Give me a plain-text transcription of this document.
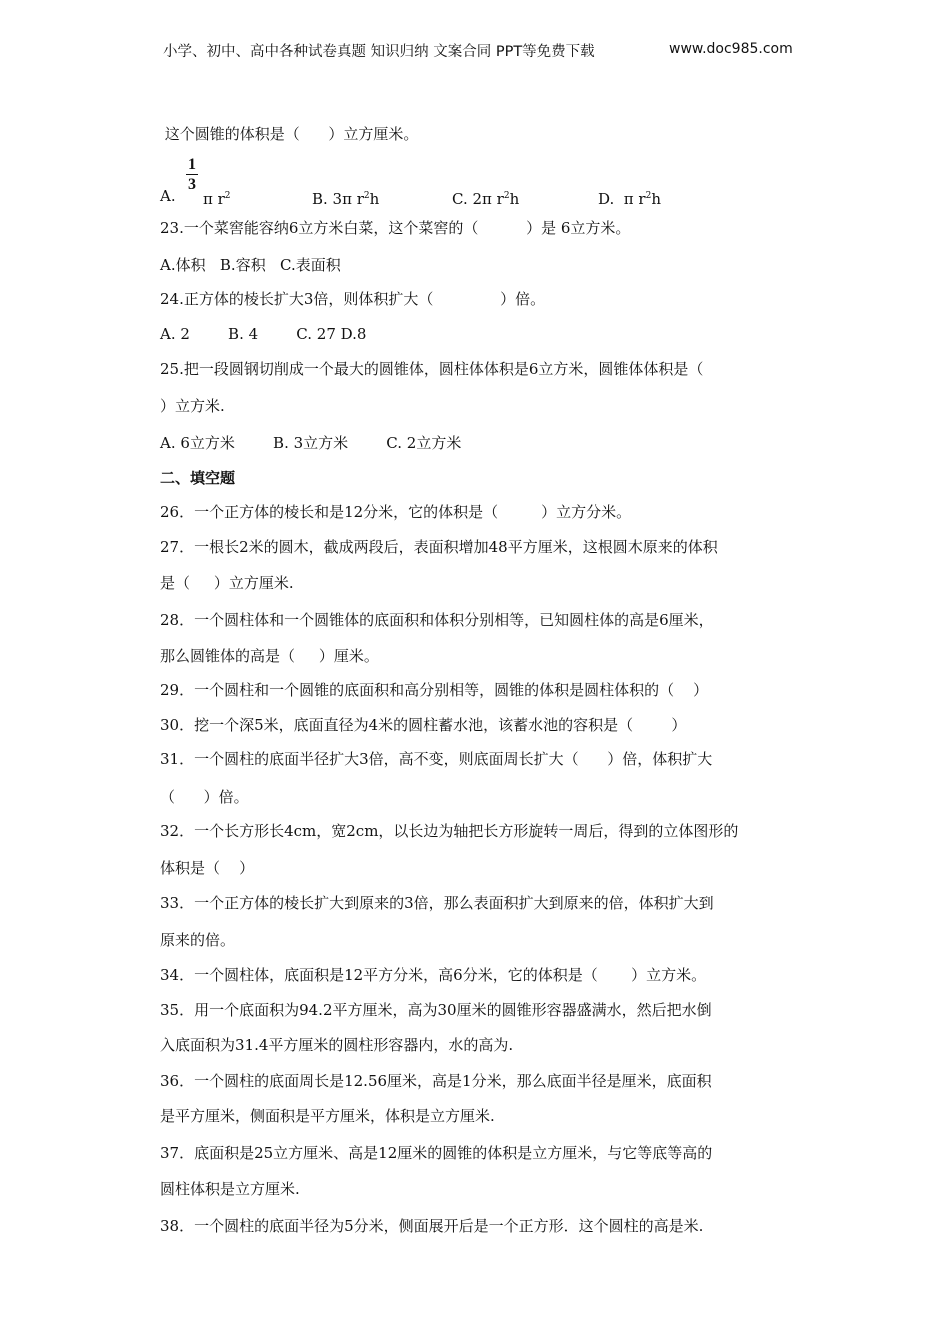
小学、初中、高中各种试卷真题 知识归纳 文案合同 PPT等免费下载	www.doc985.com
这个圆锥的体积是（      ）立方厘米。
1
3
A. π $r^2$	B. 3π $r^2h$	C. 2π $r^2h$	D.  π $r^2h$
23.一个菜窖能容纳6立方米白菜，这个菜窖的（          ）是 6立方米。
A.体积   B.容积   C.表面积
24.正方体的棱长扩大3倍，则体积扩大（              ）倍。
A. 2        B. 4        C. 27 D.8
25.把一段圆钢切削成一个最大的圆锥体，圆柱体体积是6立方米，圆锥体体积是（
）立方米.
A. 6立方米        B. 3立方米        C. 2立方米
二、填空题
26．一个正方体的棱长和是12分米，它的体积是（         ）立方分米。
27．一根长2米的圆木，截成两段后，表面积增加48平方厘米，这根圆木原来的体积
是（     ）立方厘米.
28．一个圆柱体和一个圆锥体的底面积和体积分别相等，已知圆柱体的高是6厘米，
那么圆锥体的高是（     ）厘米。
29．一个圆柱和一个圆锥的底面积和高分别相等，圆锥的体积是圆柱体积的（    ）
30．挖一个深5米，底面直径为4米的圆柱蓄水池，该蓄水池的容积是（        ）
31．一个圆柱的底面半径扩大3倍，高不变，则底面周长扩大（      ）倍，体积扩大
（      ）倍。
32．一个长方形长4cm，宽2cm，以长边为轴把长方形旋转一周后，得到的立体图形的
体积是（    ）
33．一个正方体的棱长扩大到原来的3倍，那么表面积扩大到原来的倍，体积扩大到
原来的倍。
34．一个圆柱体，底面积是12平方分米，高6分米，它的体积是（       ）立方米。
35．用一个底面积为94.2平方厘米，高为30厘米的圆锥形容器盛满水，然后把水倒
入底面积为31.4平方厘米的圆柱形容器内，水的高为.
36．一个圆柱的底面周长是12.56厘米，高是1分米，那么底面半径是厘米，底面积
是平方厘米，侧面积是平方厘米，体积是立方厘米.
37．底面积是25立方厘米、高是12厘米的圆锥的体积是立方厘米，与它等底等高的
圆柱体积是立方厘米.
38．一个圆柱的底面半径为5分米，侧面展开后是一个正方形．这个圆柱的高是米.
